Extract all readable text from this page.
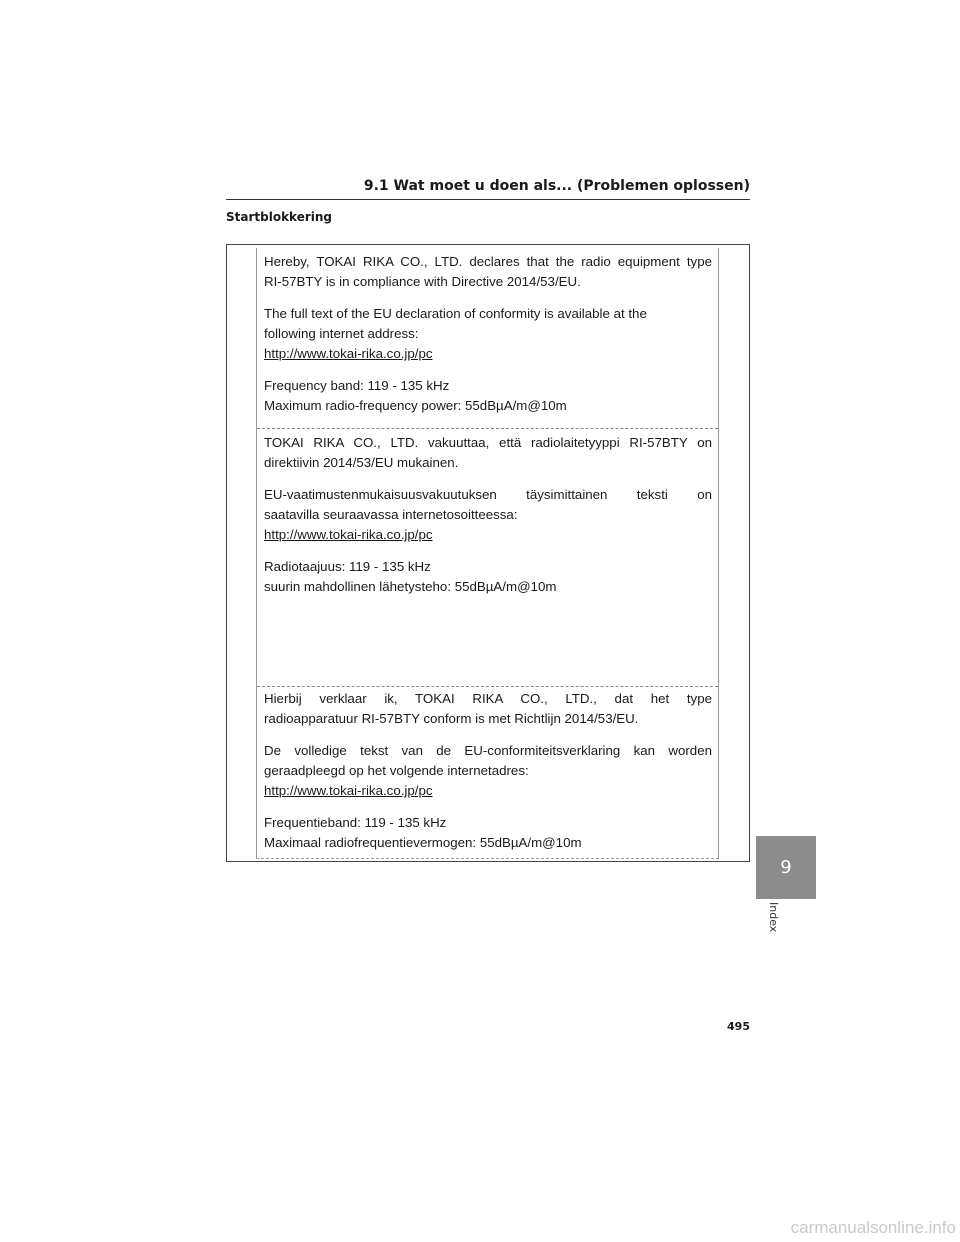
9.1 Wat moet u doen als... (Problemen oplossen)
Startblokkering

Hereby, TOKAI RIKA CO., LTD. declares that the radio equipment type

RI-57BTY is in compliance with Directive 2014/53/EU.

The full text of the EU declaration of conformity is available at the

following internet address:

http://www.tokai-rika.co.jp/pc

Frequency band: 119 - 135 kHz

Maximum radio-frequency power: 55dBµA/m@10m

TOKAI RIKA CO., LTD. vakuuttaa, että radiolaitetyyppi RI-57BTY on

direktiivin 2014/53/EU mukainen.

EU-vaatimustenmukaisuusvakuutuksen täysimittainen teksti on

saatavilla seuraavassa internetosoitteessa:

http://www.tokai-rika.co.jp/pc

Radiotaajuus: 119 - 135 kHz

suurin mahdollinen lähetysteho: 55dBµA/m@10m

Hierbij verklaar ik, TOKAI RIKA CO., LTD., dat het type

radioapparatuur RI-57BTY conform is met Richtlijn 2014/53/EU.

De volledige tekst van de EU-conformiteitsverklaring kan worden

geraadpleegd op het volgende internetadres:

http://www.tokai-rika.co.jp/pc

Frequentieband: 119 - 135 kHz

Maximaal radiofrequentievermogen: 55dBµA/m@10m

9
Index
495
carmanualsonline.info
